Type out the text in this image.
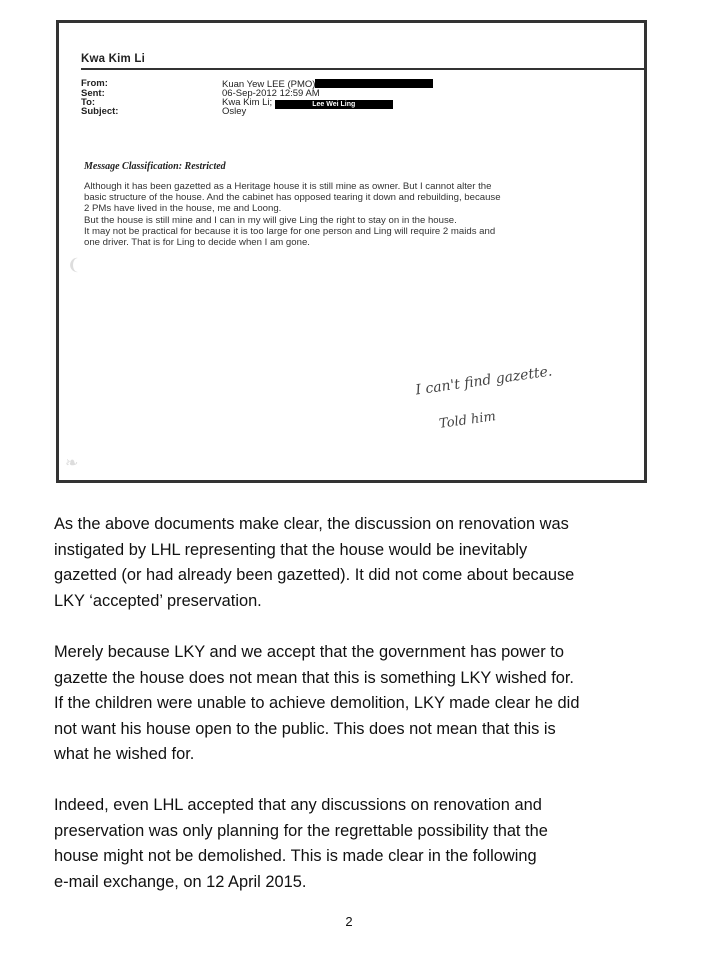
Kwa Kim Li
From:	Kuan Yew LEE (PMO)
Sent:	06-Sep-2012 12:59 AM
To:	Kwa Kim Li;	Lee Wei Ling
Subject:	Osley
Message Classification: Restricted

Although it has been gazetted as a Heritage house it is still mine as owner. But I cannot alter the

basic structure of the house. And the cabinet has opposed tearing it down and rebuilding, because

2 PMs have lived in the house, me and Loong.

But the house is still mine and I can in my will give Ling the right to stay on in the house.

It may not be practical for because it is too large for one person and Ling will require 2 maids and

one driver. That is for Ling to decide when I am gone.

❨
❧
I can't find gazette.
Told him

As the above documents make clear, the discussion on renovation was

instigated by LHL representing that the house would be inevitably

gazetted (or had already been gazetted). It did not come about because

LKY ‘accepted’ preservation.

Merely because LKY and we accept that the government has power to

gazette the house does not mean that this is something LKY wished for.

If the children were unable to achieve demolition, LKY made clear he did

not want his house open to the public. This does not mean that this is

what he wished for.

Indeed, even LHL accepted that any discussions on renovation and

preservation was only planning for the regrettable possibility that the

house might not be demolished. This is made clear in the following

e-mail exchange, on 12 April 2015.

2
